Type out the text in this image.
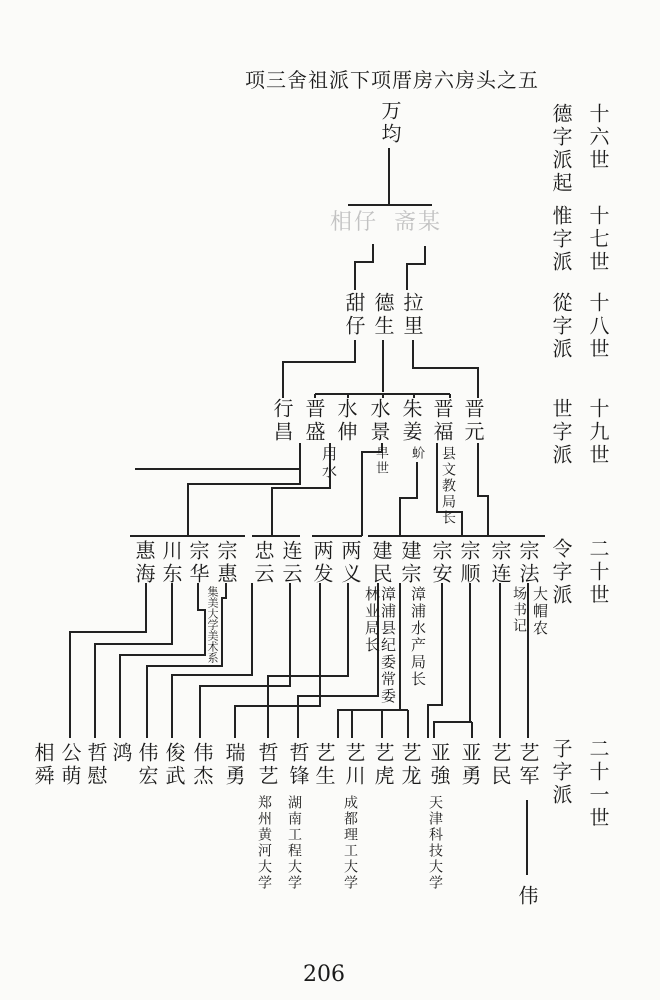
项三舍祖派下项厝房六房头之五
十六世
德字派起
十七世
惟字派
十八世
從字派
十九世
世字派
二十世
令字派
二十一世
子字派
万均
相仔 斋某
甜仔 德生 拉里
行昌 晋盛 水伸 水景 朱姜 晋福 晋元
用水	早世 蚧 县文教局长
惠海 川东 宗华 宗惠 忠云 连云 两发 两义 建民 建宗 宗安 宗顺 宗连 宗法
集美大学美术系	林业局长
漳浦县纪委常委 漳浦水产局长	场书记 大帽农
相舜 公萌 哲慰 鸿 伟宏 俊武 伟杰 瑞勇 哲艺 哲锋 艺生 艺川 艺虎 艺龙 亚強 亚勇 艺民 艺军
郑州黄河大学 湖南工程大学	成都理工大学	天津科技大学
伟
206
